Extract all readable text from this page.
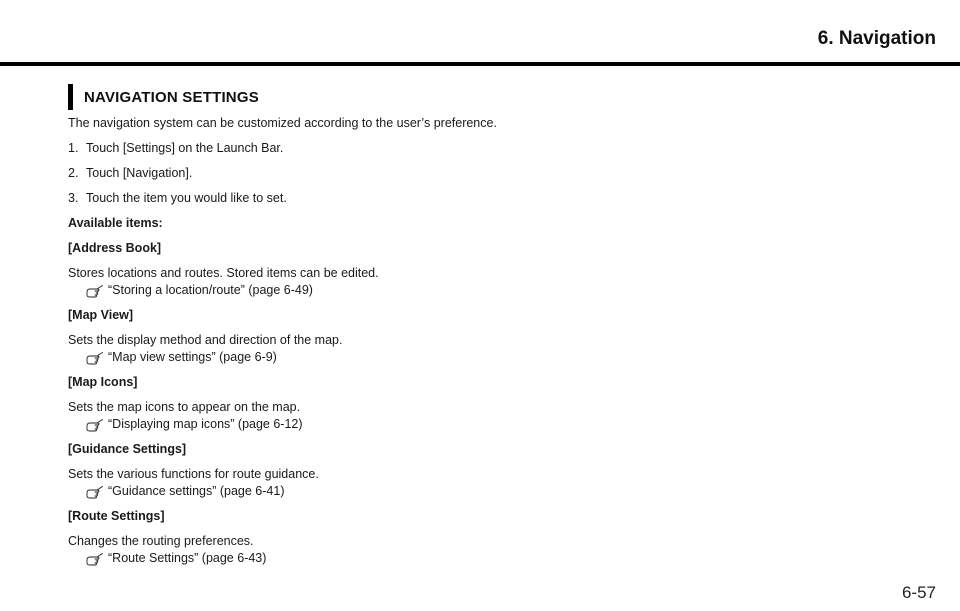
6. Navigation
NAVIGATION SETTINGS

The navigation system can be customized according to the user’s preference.

1. Touch [Settings] on the Launch Bar.

2. Touch [Navigation].

3. Touch the item you would like to set.

Available items:

[Address Book]

Stores locations and routes. Stored items can be edited.

“Storing a location/route” (page 6-49)

[Map View]

Sets the display method and direction of the map.

“Map view settings” (page 6-9)

[Map Icons]

Sets the map icons to appear on the map.

“Displaying map icons” (page 6-12)

[Guidance Settings]

Sets the various functions for route guidance.

“Guidance settings” (page 6-41)

[Route Settings]

Changes the routing preferences.

“Route Settings” (page 6-43)

6-57
